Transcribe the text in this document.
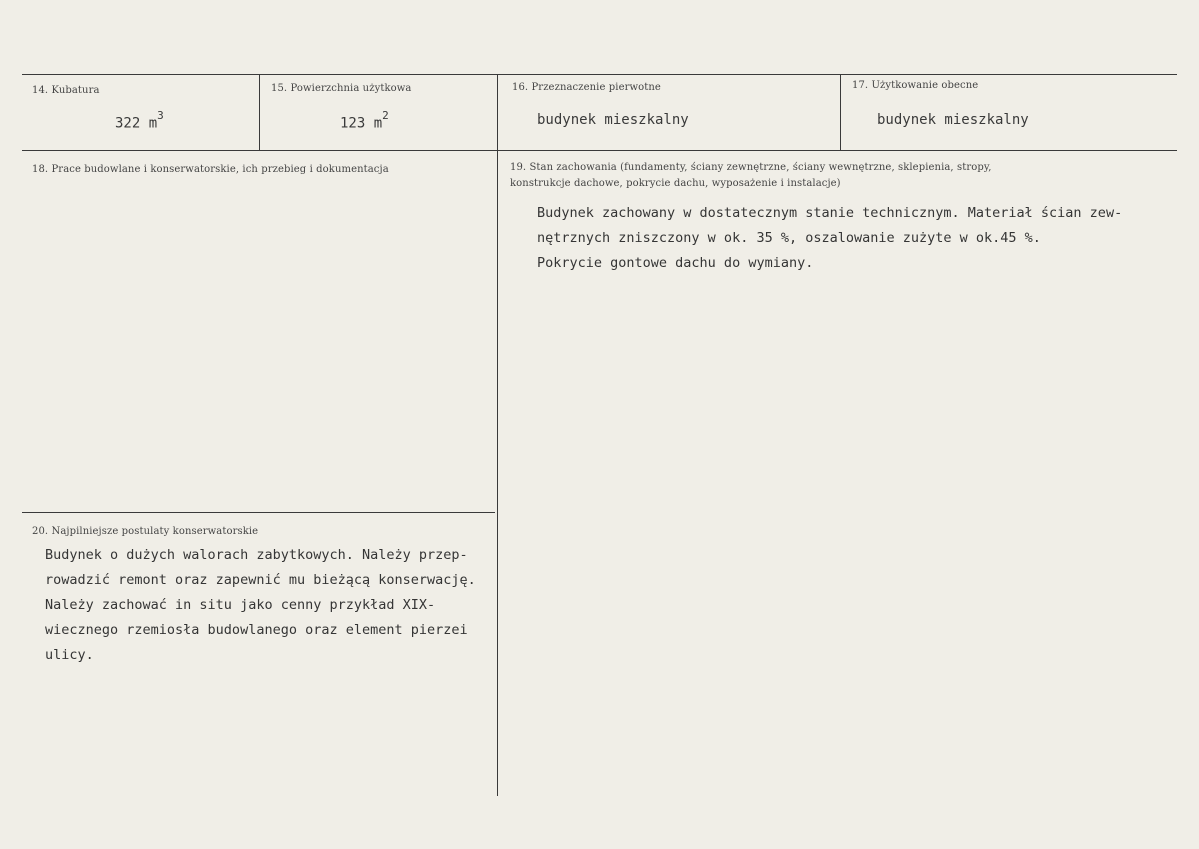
14. Kubatura
322 $m^3$
15. Powierzchnia użytkowa
123 $m^2$
16. Przeznaczenie pierwotne
budynek mieszkalny
17. Użytkowanie obecne
budynek mieszkalny
18. Prace budowlane i konserwatorskie, ich przebieg i dokumentacja	19. Stan zachowania (fundamenty, ściany zewnętrzne, ściany wewnętrzne, sklepienia, stropy,
konstrukcje dachowe, pokrycie dachu, wyposażenie i instalacje)
Budynek zachowany w dostatecznym stanie technicznym. Materiał ścian zew-
nętrznych zniszczony w ok. 35 %, oszalowanie zużyte w ok.45 %.
Pokrycie gontowe dachu do wymiany.
20. Najpilniejsze postulaty konserwatorskie
Budynek o dużych walorach zabytkowych. Należy przep-
rowadzić remont oraz zapewnić mu bieżącą konserwację.
Należy zachować in situ jako cenny przykład XIX-
wiecznego rzemiosła budowlanego oraz element pierzei
ulicy.
